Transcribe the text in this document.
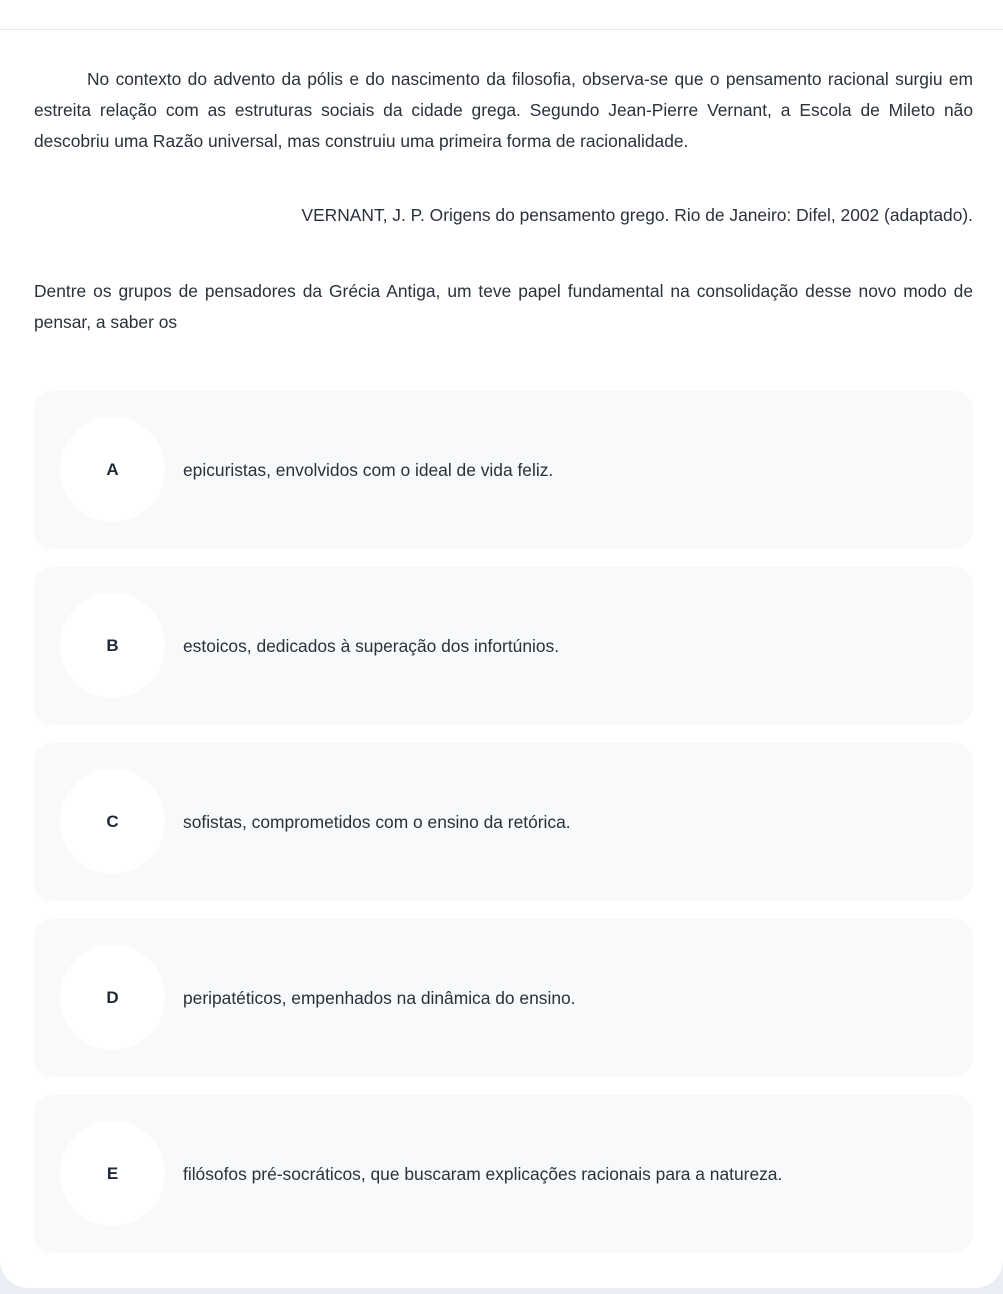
No contexto do advento da pólis e do nascimento da filosofia, observa-se que o pensamento racional surgiu em estreita relação com as estruturas sociais da cidade grega. Segundo Jean-Pierre Vernant, a Escola de Mileto não descobriu uma Razão universal, mas construiu uma primeira forma de racionalidade.
VERNANT, J. P. Origens do pensamento grego. Rio de Janeiro: Difel, 2002 (adaptado).
Dentre os grupos de pensadores da Grécia Antiga, um teve papel fundamental na consolidação desse novo modo de pensar, a saber os
A	epicuristas, envolvidos com o ideal de vida feliz.
B	estoicos, dedicados à superação dos infortúnios.
C	sofistas, comprometidos com o ensino da retórica.
D	peripatéticos, empenhados na dinâmica do ensino.
E	filósofos pré-socráticos, que buscaram explicações racionais para a natureza.
